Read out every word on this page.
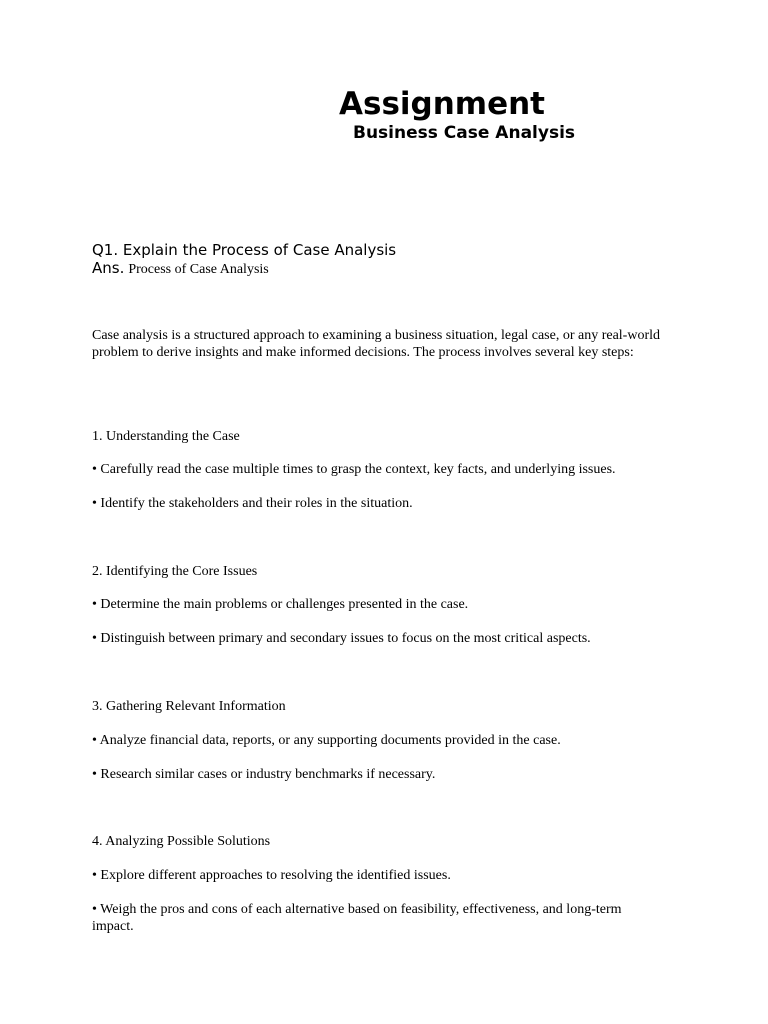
Assignment
Business Case Analysis

Q1. Explain the Process of Case Analysis

Ans. Process of Case Analysis

Case analysis is a structured approach to examining a business situation, legal case, or any real-world problem to derive insights and make informed decisions. The process involves several key steps:

1. Understanding the Case

• Carefully read the case multiple times to grasp the context, key facts, and underlying issues.

• Identify the stakeholders and their roles in the situation.

2. Identifying the Core Issues

• Determine the main problems or challenges presented in the case.

• Distinguish between primary and secondary issues to focus on the most critical aspects.

3. Gathering Relevant Information

• Analyze financial data, reports, or any supporting documents provided in the case.

• Research similar cases or industry benchmarks if necessary.

4. Analyzing Possible Solutions

• Explore different approaches to resolving the identified issues.

• Weigh the pros and cons of each alternative based on feasibility, effectiveness, and long-term impact.
